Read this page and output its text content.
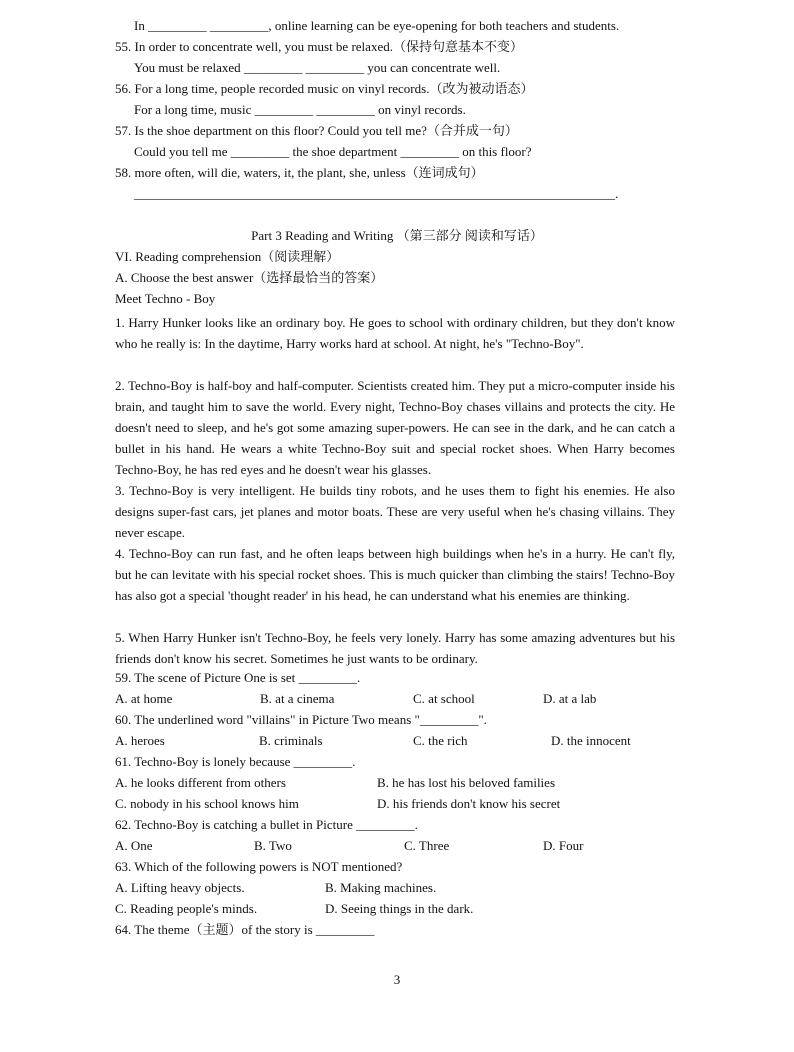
In _________ _________, online learning can be eye-opening for both teachers and students.
55. In order to concentrate well, you must be relaxed.（保持句意基本不变）
You must be relaxed _________ _________ you can concentrate well.
56. For a long time, people recorded music on vinyl records.（改为被动语态）
For a long time, music _________ _________ on vinyl records.
57. Is the shoe department on this floor? Could you tell me?（合并成一句）
Could you tell me _________ the shoe department _________ on this floor?
58. more often, will die, waters, it, the plant, she, unless（连词成句）
__________________________________________________________________________.
Part 3 Reading and Writing （第三部分 阅读和写话）
VI. Reading comprehension（阅读理解）
A. Choose the best answer（选择最恰当的答案）
Meet Techno - Boy
1. Harry Hunker looks like an ordinary boy. He goes to school with ordinary children, but they don't know who he really is: In the daytime, Harry works hard at school. At night, he's "Techno-Boy".
2. Techno-Boy is half-boy and half-computer. Scientists created him. They put a micro-computer inside his brain, and taught him to save the world. Every night, Techno-Boy chases villains and protects the city. He doesn't need to sleep, and he's got some amazing super-powers. He can see in the dark, and he can catch a bullet in his hand. He wears a white Techno-Boy suit and special rocket shoes. When Harry becomes Techno-Boy, he has red eyes and he doesn't wear his glasses.
3. Techno-Boy is very intelligent. He builds tiny robots, and he uses them to fight his enemies. He also designs super-fast cars, jet planes and motor boats. These are very useful when he's chasing villains. They never escape.
4. Techno-Boy can run fast, and he often leaps between high buildings when he's in a hurry. He can't fly, but he can levitate with his special rocket shoes. This is much quicker than climbing the stairs! Techno-Boy has also got a special 'thought reader' in his head, he can understand what his enemies are thinking.
5. When Harry Hunker isn't Techno-Boy, he feels very lonely. Harry has some amazing adventures but his friends don't know his secret. Sometimes he just wants to be ordinary.
59. The scene of Picture One is set _________.
A. at home	B. at a cinema	C. at school	D. at a lab
60. The underlined word "villains" in Picture Two means "_________".
A. heroes	B. criminals	C. the rich	D. the innocent
61. Techno-Boy is lonely because _________.
A. he looks different from others	B. he has lost his beloved families
C. nobody in his school knows him	D. his friends don't know his secret
62. Techno-Boy is catching a bullet in Picture _________.
A. One	B. Two	C. Three	D. Four
63. Which of the following powers is NOT mentioned?
A. Lifting heavy objects.	B. Making machines.
C. Reading people's minds.	D. Seeing things in the dark.
64. The theme（主题）of the story is _________
3
